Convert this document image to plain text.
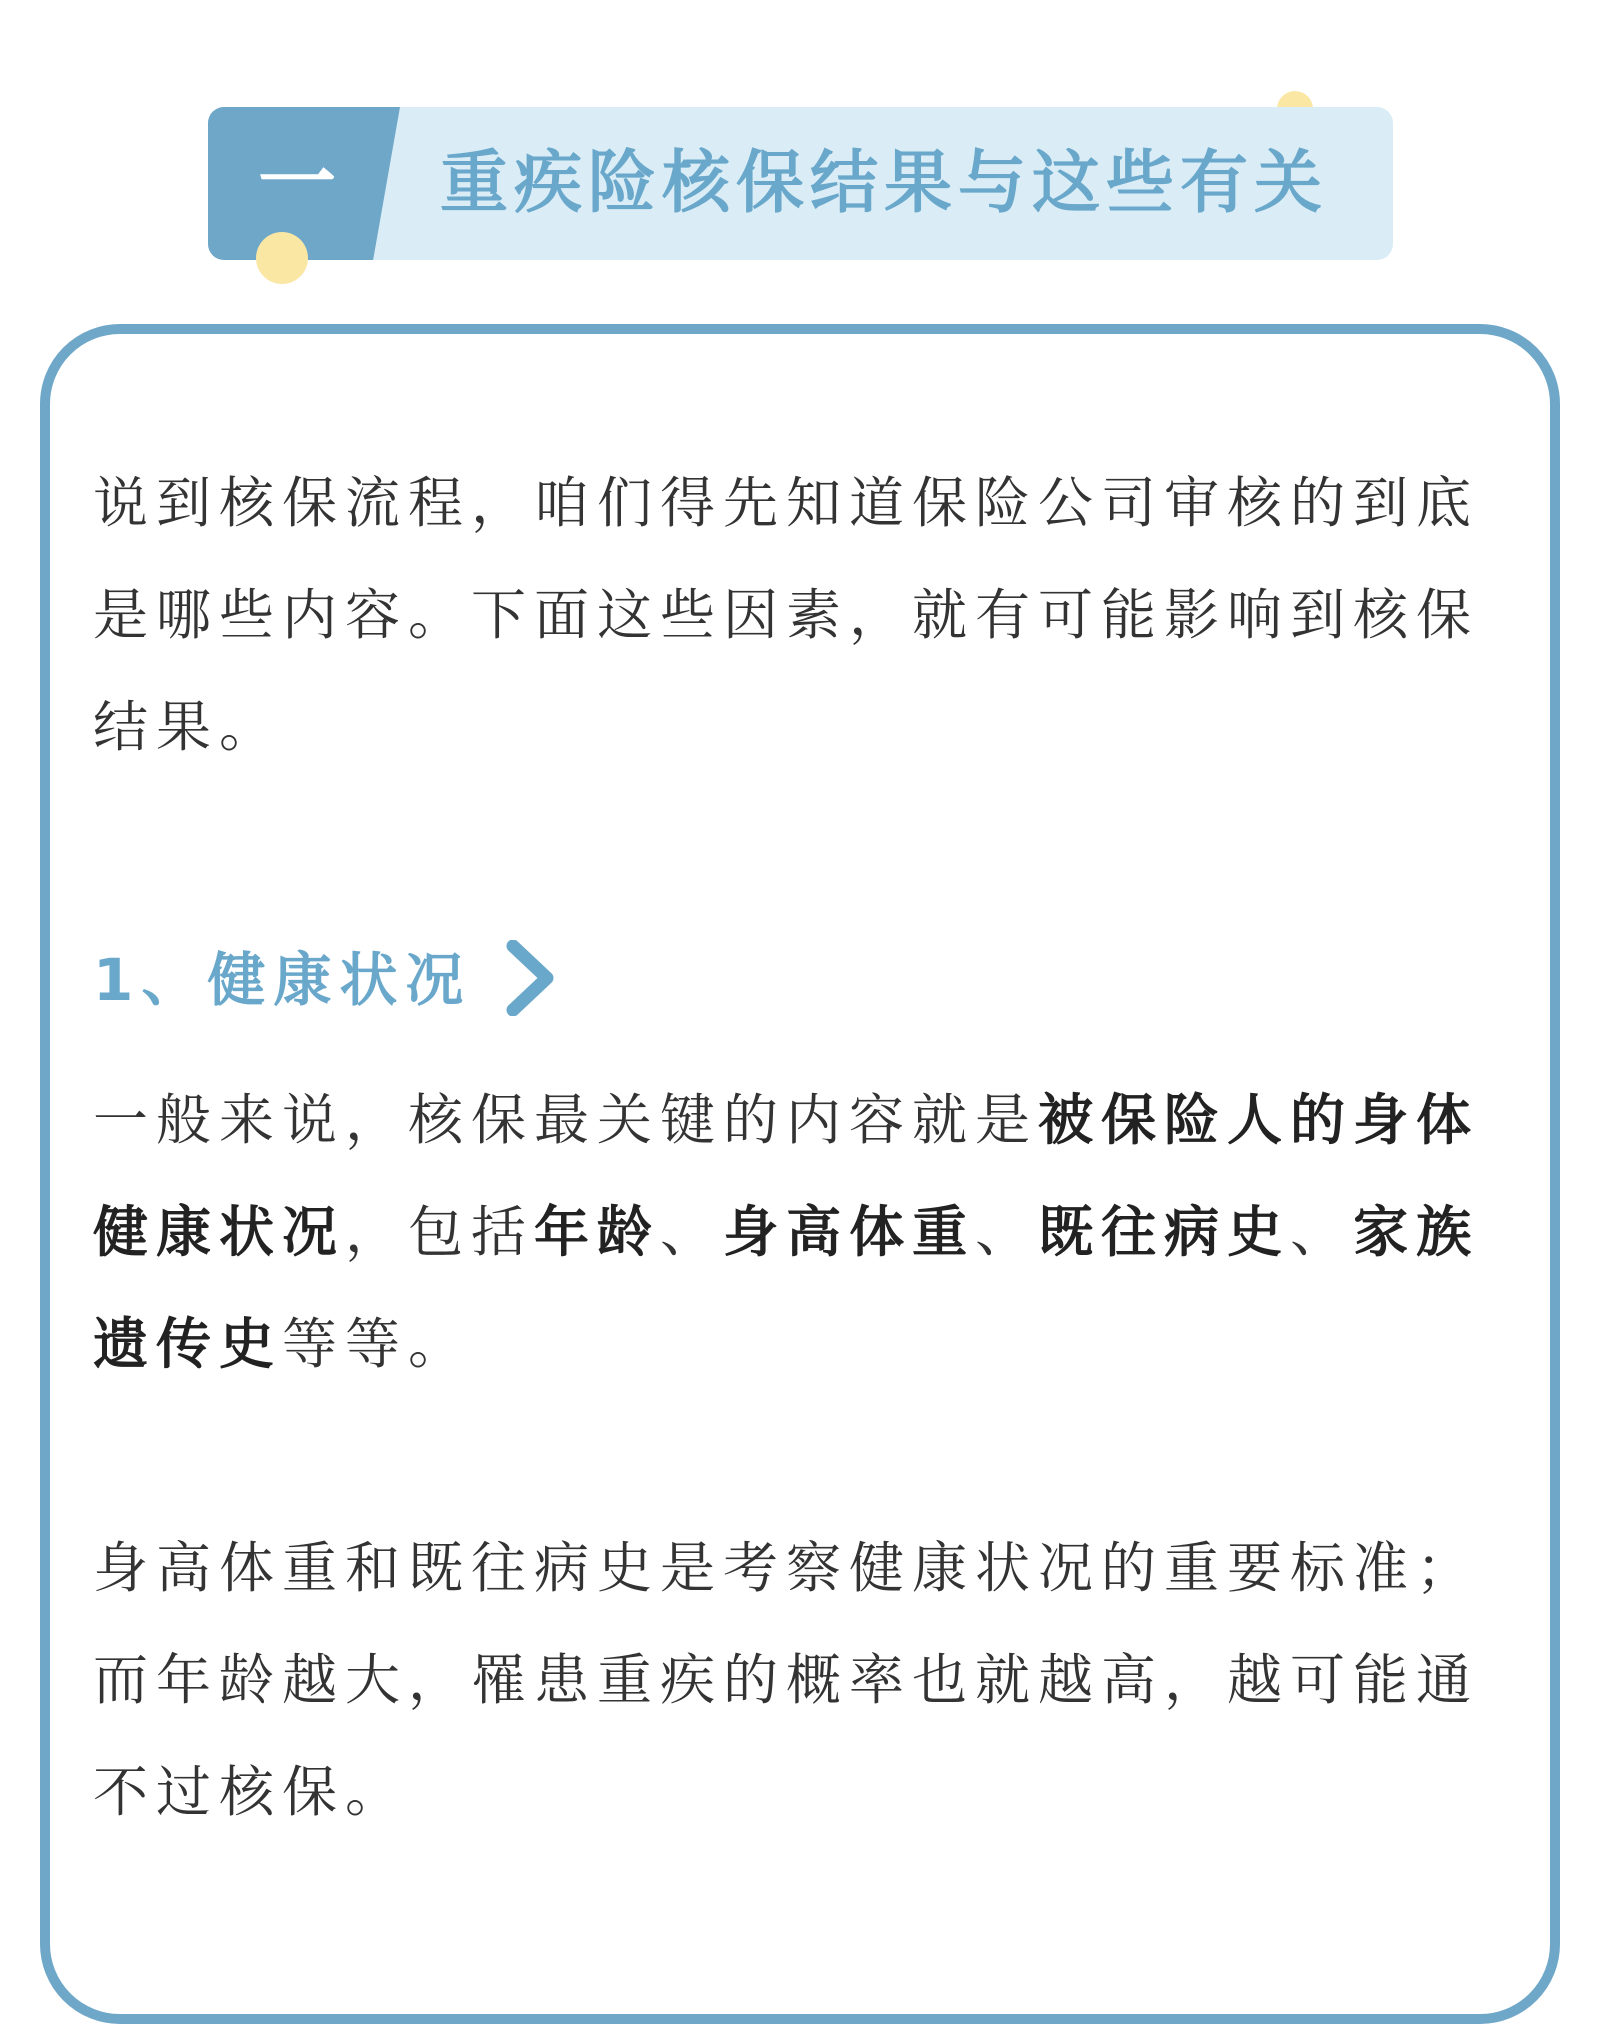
一	重疾险核保结果与这些有关

说到核保流程，咱们得先知道保险公司审核的到底是哪些内容。下面这些因素，就有可能影响到核保结果。

1、健康状况

一般来说，核保最关键的内容就是被保险人的身体健康状况，包括年龄、身高体重、既往病史、家族遗传史等等。

身高体重和既往病史是考察健康状况的重要标准；而年龄越大，罹患重疾的概率也就越高，越可能通不过核保。
